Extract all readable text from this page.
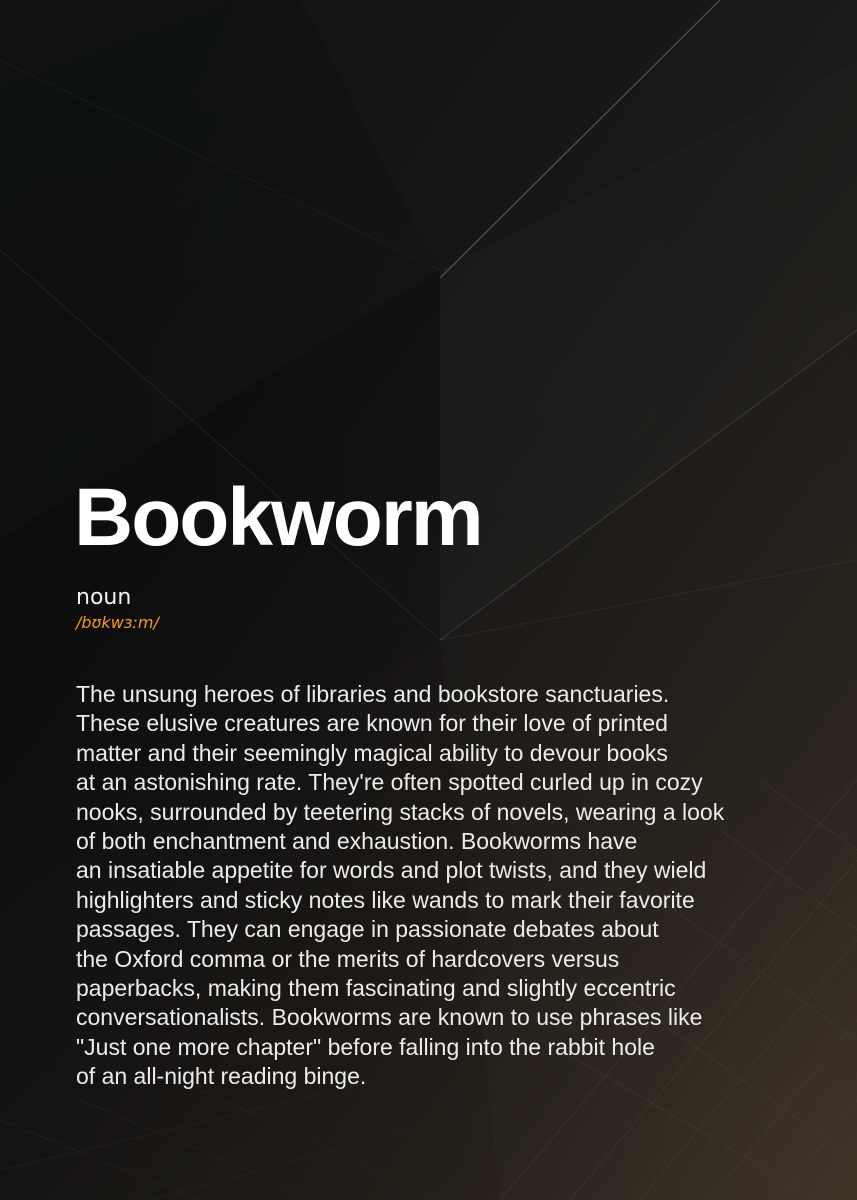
Bookworm
noun
/bʊkwɜːm/
The unsung heroes of libraries and bookstore sanctuaries.
These elusive creatures are known for their love of printed
matter and their seemingly magical ability to devour books
at an astonishing rate. They're often spotted curled up in cozy
nooks, surrounded by teetering stacks of novels, wearing a look
of both enchantment and exhaustion. Bookworms have
an insatiable appetite for words and plot twists, and they wield
highlighters and sticky notes like wands to mark their favorite
passages. They can engage in passionate debates about
the Oxford comma or the merits of hardcovers versus
paperbacks, making them fascinating and slightly eccentric
conversationalists. Bookworms are known to use phrases like
"Just one more chapter" before falling into the rabbit hole
of an all-night reading binge.
